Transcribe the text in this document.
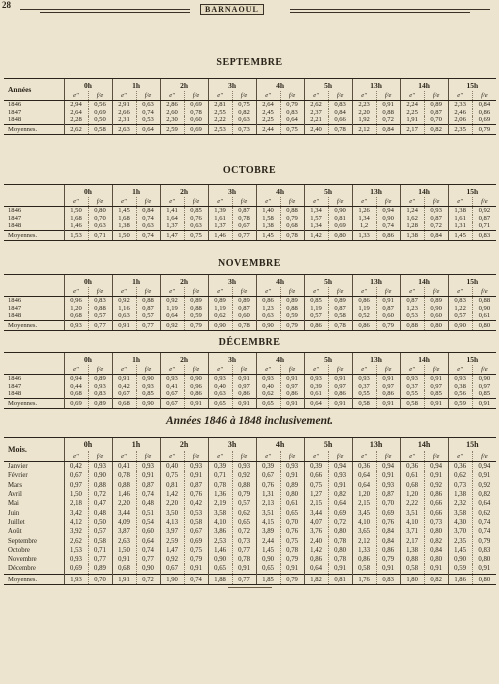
28	BARNAOUL
SEPTEMBRE
Années	0h		1h		2h		3h		4h		5h		13h		14h		15h	
	e''	f/e	e''	f/e	e''	f/e	e''	f/e	e''	f/e	e''	f/e	e''	f/e	e''	f/e	e''	f/e
1846	2,94	0,56	2,91	0,63	2,86	0,69	2,81	0,75	2,64	0,79	2,62	0,83	2,23	0,91	2,24	0,89	2,33	0,84
1847	2,64	0,69	2,66	0,74	2,60	0,78	2,55	0,82	2,45	0,83	2,37	0,84	2,20	0,88	2,25	0,87	2,46	0,86
1848	2,28	0,50	2,31	0,53	2,30	0,60	2,22	0,63	2,25	0,64	2,21	0,66	1,92	0,72	1,91	0,70	2,06	0,69
Moyennes.	2,62	0,58	2,63	0,64	2,59	0,69	2,53	0,73	2,44	0,75	2,40	0,78	2,12	0,84	2,17	0,82	2,35	0,79
OCTOBRE
	0h		1h		2h		3h		4h		5h		13h		14h		15h	
	e''	f/e	e''	f/e	e''	f/e	e''	f/e	e''	f/e	e''	f/e	e''	f/e	e''	f/e	e''	f/e
1846	1,50	0,80	1,45	0,84	1,41	0,85	1,39	0,87	1,40	0,88	1,34	0,90	1,26	0,94	1,24	0,93	1,38	0,92
1847	1,68	0,70	1,68	0,74	1,64	0,76	1,61	0,78	1,58	0,79	1,57	0,81	1,34	0,90	1,62	0,87	1,61	0,87
1848	1,46	0,63	1,38	0,63	1,37	0,63	1,37	0,67	1,38	0,68	1,34	0,69	1,2	0,74	1,28	0,72	1,31	0,71
Moyennes.	1,53	0,71	1,50	0,74	1,47	0,75	1,46	0,77	1,45	0,78	1,42	0,80	1,33	0,86	1,38	0,84	1,45	0,83
NOVEMBRE
	0h		1h		2h		3h		4h		5h		13h		14h		15h	
	e''	f/e	e''	f/e	e''	f/e	e''	f/e	e''	f/e	e''	f/e	e''	f/e	e''	f/e	e''	f/e
1846	0,96	0,83	0,92	0,88	0,92	0,89	0,89	0,89	0,86	0,89	0,85	0,89	0,86	0,91	0,87	0,89	0,83	0,88
1847	1,20	0,88	1,16	0,87	1,19	0,88	1,19	0,87	1,23	0,88	1,19	0,87	1,19	0,87	1,23	0,90	1,22	0,90
1848	0,68	0,57	0,63	0,57	0,64	0,59	0,62	0,60	0,63	0,59	0,57	0,58	0,52	0,60	0,53	0,60	0,57	0,61
Moyennes.	0,93	0,77	0,91	0,77	0,92	0,79	0,90	0,78	0,90	0,79	0,86	0,78	0,86	0,79	0,88	0,80	0,90	0,80
DÉCEMBRE
	0h		1h		2h		3h		4h		5h		13h		14h		15h	
	e''	f/e	e''	f/e	e''	f/e	e''	f/e	e''	f/e	e''	f/e	e''	f/e	e''	f/e	e''	f/e
1846	0,94	0,89	0,91	0,90	0,93	0,90	0,93	0,91	0,93	0,91	0,93	0,91	0,93	0,91	0,93	0,91	0,93	0,90
1847	0,44	0,93	0,42	0,93	0,41	0,96	0,40	0,97	0,40	0,97	0,39	0,97	0,37	0,97	0,37	0,97	0,38	0,97
1848	0,68	0,83	0,67	0,85	0,67	0,86	0,63	0,86	0,62	0,86	0,61	0,86	0,55	0,86	0,55	0,85	0,56	0,85
Moyennes.	0,69	0,89	0,68	0,90	0,67	0,91	0,65	0,91	0,65	0,91	0,64	0,91	0,58	0,91	0,58	0,91	0,59	0,91
Années 1846 à 1848 inclusivement.
Mois.	0h		1h		2h		3h		4h		5h		13h		14h		15h	
	e''	f/e	e''	f/e	e''	f/e	e''	f/e	e''	f/e	e''	f/e	e''	f/e	e''	f/e	e''	f/e
Janvier	0,42	0,93	0,41	0,93	0,40	0,93	0,39	0,93	0,39	0,93	0,39	0,94	0,36	0,94	0,36	0,94	0,36	0,94
Février	0,67	0,90	0,78	0,91	0,75	0,91	0,71	0,92	0,67	0,91	0,66	0,93	0,64	0,91	0,61	0,91	0,62	0,91
Mars	0,97	0,88	0,88	0,87	0,81	0,87	0,78	0,88	0,76	0,89	0,75	0,91	0,64	0,93	0,68	0,92	0,73	0,92
Avril	1,50	0,72	1,46	0,74	1,42	0,76	1,36	0,79	1,31	0,80	1,27	0,82	1,20	0,87	1,20	0,86	1,38	0,82
Mai	2,18	0,47	2,20	0,48	2,20	0,42	2,19	0,57	2,13	0,61	2,15	0,64	2,15	0,70	2,22	0,66	2,32	0,64
Juin	3,42	0,48	3,44	0,51	3,50	0,53	3,58	0,62	3,51	0,65	3,44	0,69	3,45	0,69	3,51	0,66	3,58	0,62
Juillet	4,12	0,50	4,09	0,54	4,13	0,58	4,10	0,65	4,15	0,70	4,07	0,72	4,10	0,76	4,10	0,73	4,30	0,74
Août	3,92	0,57	3,87	0,60	3,97	0,67	3,86	0,72	3,89	0,76	3,76	0,80	3,65	0,84	3,71	0,80	3,70	0,74
Septembre	2,62	0,58	2,63	0,64	2,59	0,69	2,53	0,73	2,44	0,75	2,40	0,78	2,12	0,84	2,17	0,82	2,35	0,79
Octobre	1,53	0,71	1,50	0,74	1,47	0,75	1,46	0,77	1,45	0,78	1,42	0,80	1,33	0,86	1,38	0,84	1,45	0,83
Novembre	0,93	0,77	0,91	0,77	0,92	0,79	0,90	0,78	0,90	0,79	0,86	0,78	0,86	0,79	0,88	0,80	0,90	0,80
Décembre	0,69	0,89	0,68	0,90	0,67	0,91	0,65	0,91	0,65	0,91	0,64	0,91	0,58	0,91	0,58	0,91	0,59	0,91
Moyennes.	1,93	0,70	1,91	0,72	1,90	0,74	1,88	0,77	1,85	0,79	1,82	0,81	1,76	0,83	1,80	0,82	1,86	0,80
